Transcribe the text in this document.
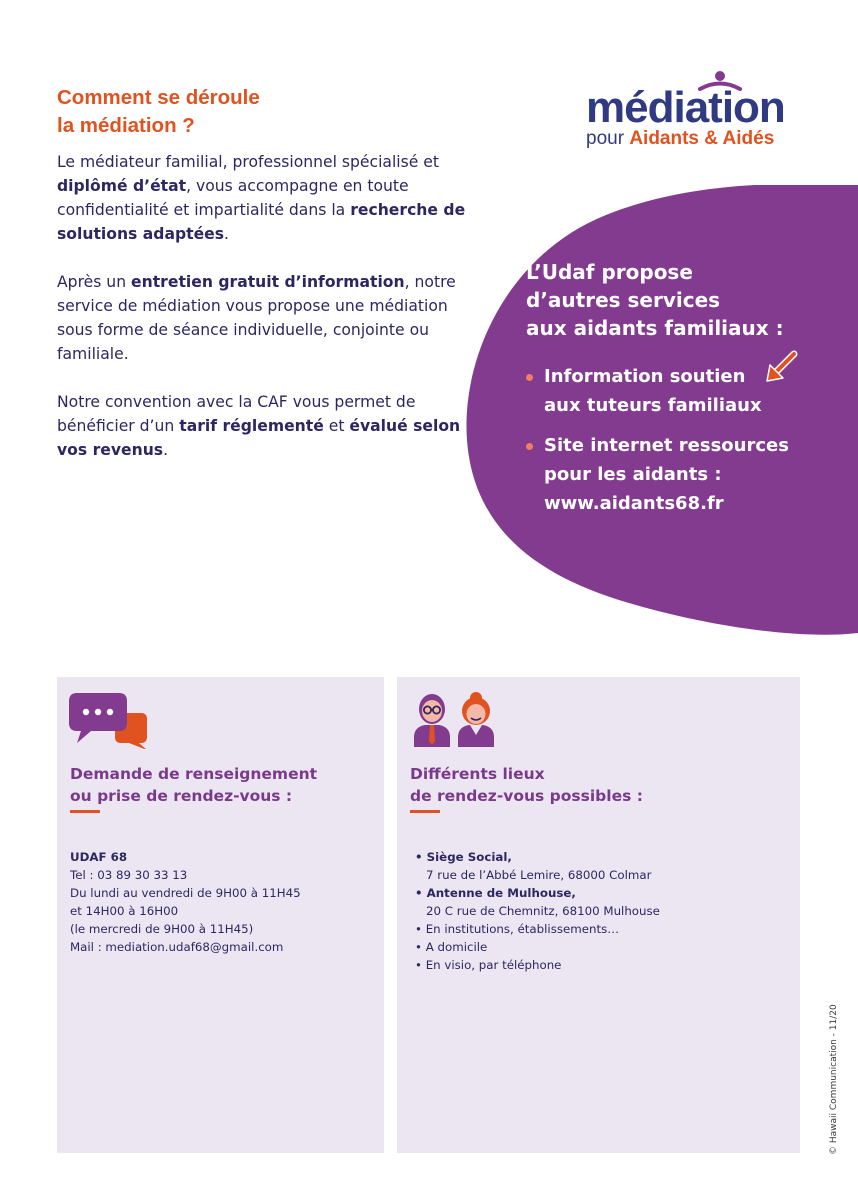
Comment se déroule
la médiation ?

Le médiateur familial, professionnel spécialisé et diplômé d’état, vous accompagne en toute confidentialité et impartialité dans la recherche de solutions adaptées.

Après un entretien gratuit d’information, notre service de médiation vous propose une médiation sous forme de séance individuelle, conjointe ou familiale.

Notre convention avec la CAF vous permet de bénéficier d’un tarif réglementé et évalué selon vos revenus.

médiation
pour Aidants & Aidés
L’Udaf propose
d’autres services
aux aidants familiaux :
Information soutien
aux tuteurs familiaux
Site internet ressources
pour les aidants :
www.aidants68.fr
Demande de renseignement
ou prise de rendez-vous :
UDAF 68
Tel : 03 89 30 33 13
Du lundi au vendredi de 9H00 à 11H45
et 14H00 à 16H00
(le mercredi de 9H00 à 11H45)
Mail : mediation.udaf68@gmail.com
Différents lieux
de rendez-vous possibles :
• Siège Social,
7 rue de l’Abbé Lemire, 68000 Colmar
• Antenne de Mulhouse,
20 C rue de Chemnitz, 68100 Mulhouse
• En institutions, établissements…
• A domicile
• En visio, par téléphone
© Hawaii Communication - 11/20
